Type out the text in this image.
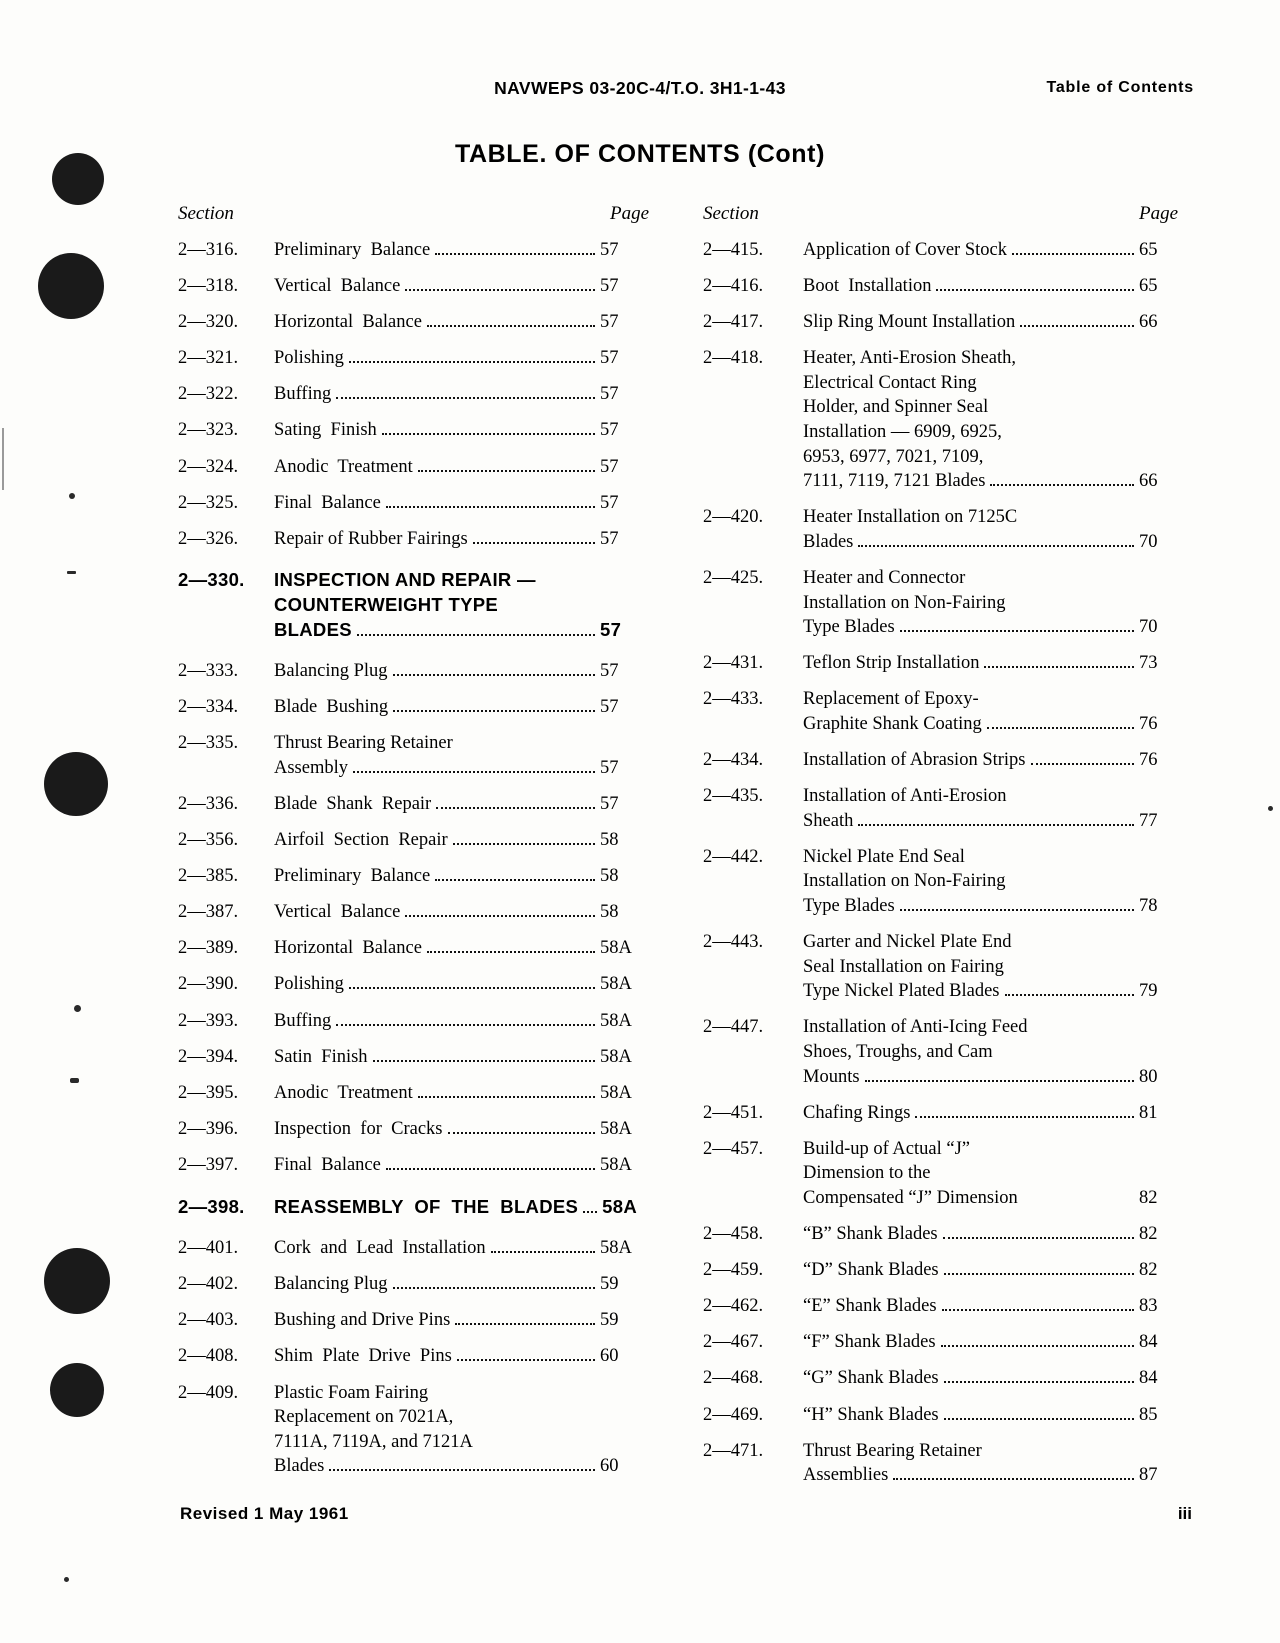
NAVWEPS 03-20C-4/T.O. 3H1-1-43	Table of Contents
TABLE. OF CONTENTS (Cont)
Section	Page	Section	Page
2—316.	Preliminary  Balance	57
2—318.	Vertical  Balance	57
2—320.	Horizontal  Balance	57
2—321.	Polishing	57
2—322.	Buffing	57
2—323.	Sating  Finish	57
2—324.	Anodic  Treatment	57
2—325.	Final  Balance	57
2—326.	Repair of Rubber Fairings	57
2—330.	INSPECTION AND REPAIR —
COUNTERWEIGHT TYPE
BLADES	57
2—333.	Balancing Plug	57
2—334.	Blade  Bushing	57
2—335.	Thrust Bearing Retainer
Assembly	57
2—336.	Blade  Shank  Repair	57
2—356.	Airfoil  Section  Repair	58
2—385.	Preliminary  Balance	58
2—387.	Vertical  Balance	58
2—389.	Horizontal  Balance	58A
2—390.	Polishing	58A
2—393.	Buffing	58A
2—394.	Satin  Finish	58A
2—395.	Anodic  Treatment	58A
2—396.	Inspection  for  Cracks	58A
2—397.	Final  Balance	58A
2—398.	REASSEMBLY  OF  THE  BLADES 58A
2—401.	Cork  and  Lead  Installation	58A
2—402.	Balancing Plug	59
2—403.	Bushing and Drive Pins	59
2—408.	Shim  Plate  Drive  Pins	60
2—409.	Plastic Foam Fairing
Replacement on 7021A,
7111A, 7119A, and 7121A
Blades	60
2—415.	Application of Cover Stock	65
2—416.	Boot  Installation	65
2—417.	Slip Ring Mount Installation	66
2—418.	Heater, Anti-Erosion Sheath,
Electrical Contact Ring
Holder, and Spinner Seal
Installation — 6909, 6925,
6953, 6977, 7021, 7109,
7111, 7119, 7121 Blades	66
2—420.	Heater Installation on 7125C
Blades	70
2—425.	Heater and Connector
Installation on Non-Fairing
Type Blades	70
2—431.	Teflon Strip Installation	73
2—433.	Replacement of Epoxy-
Graphite Shank Coating	76
2—434.	Installation of Abrasion Strips	76
2—435.	Installation of Anti-Erosion
Sheath	77
2—442.	Nickel Plate End Seal
Installation on Non-Fairing
Type Blades	78
2—443.	Garter and Nickel Plate End
Seal Installation on Fairing
Type Nickel Plated Blades	79
2—447.	Installation of Anti-Icing Feed
Shoes, Troughs, and Cam
Mounts	80
2—451.	Chafing Rings	81
2—457.	Build-up of Actual “J”
Dimension to the
Compensated “J” Dimension	82
2—458.	“B” Shank Blades	82
2—459.	“D” Shank Blades	82
2—462.	“E” Shank Blades	83
2—467.	“F” Shank Blades	84
2—468.	“G” Shank Blades	84
2—469.	“H” Shank Blades	85
2—471.	Thrust Bearing Retainer
Assemblies	87
Revised 1 May 1961	iii
